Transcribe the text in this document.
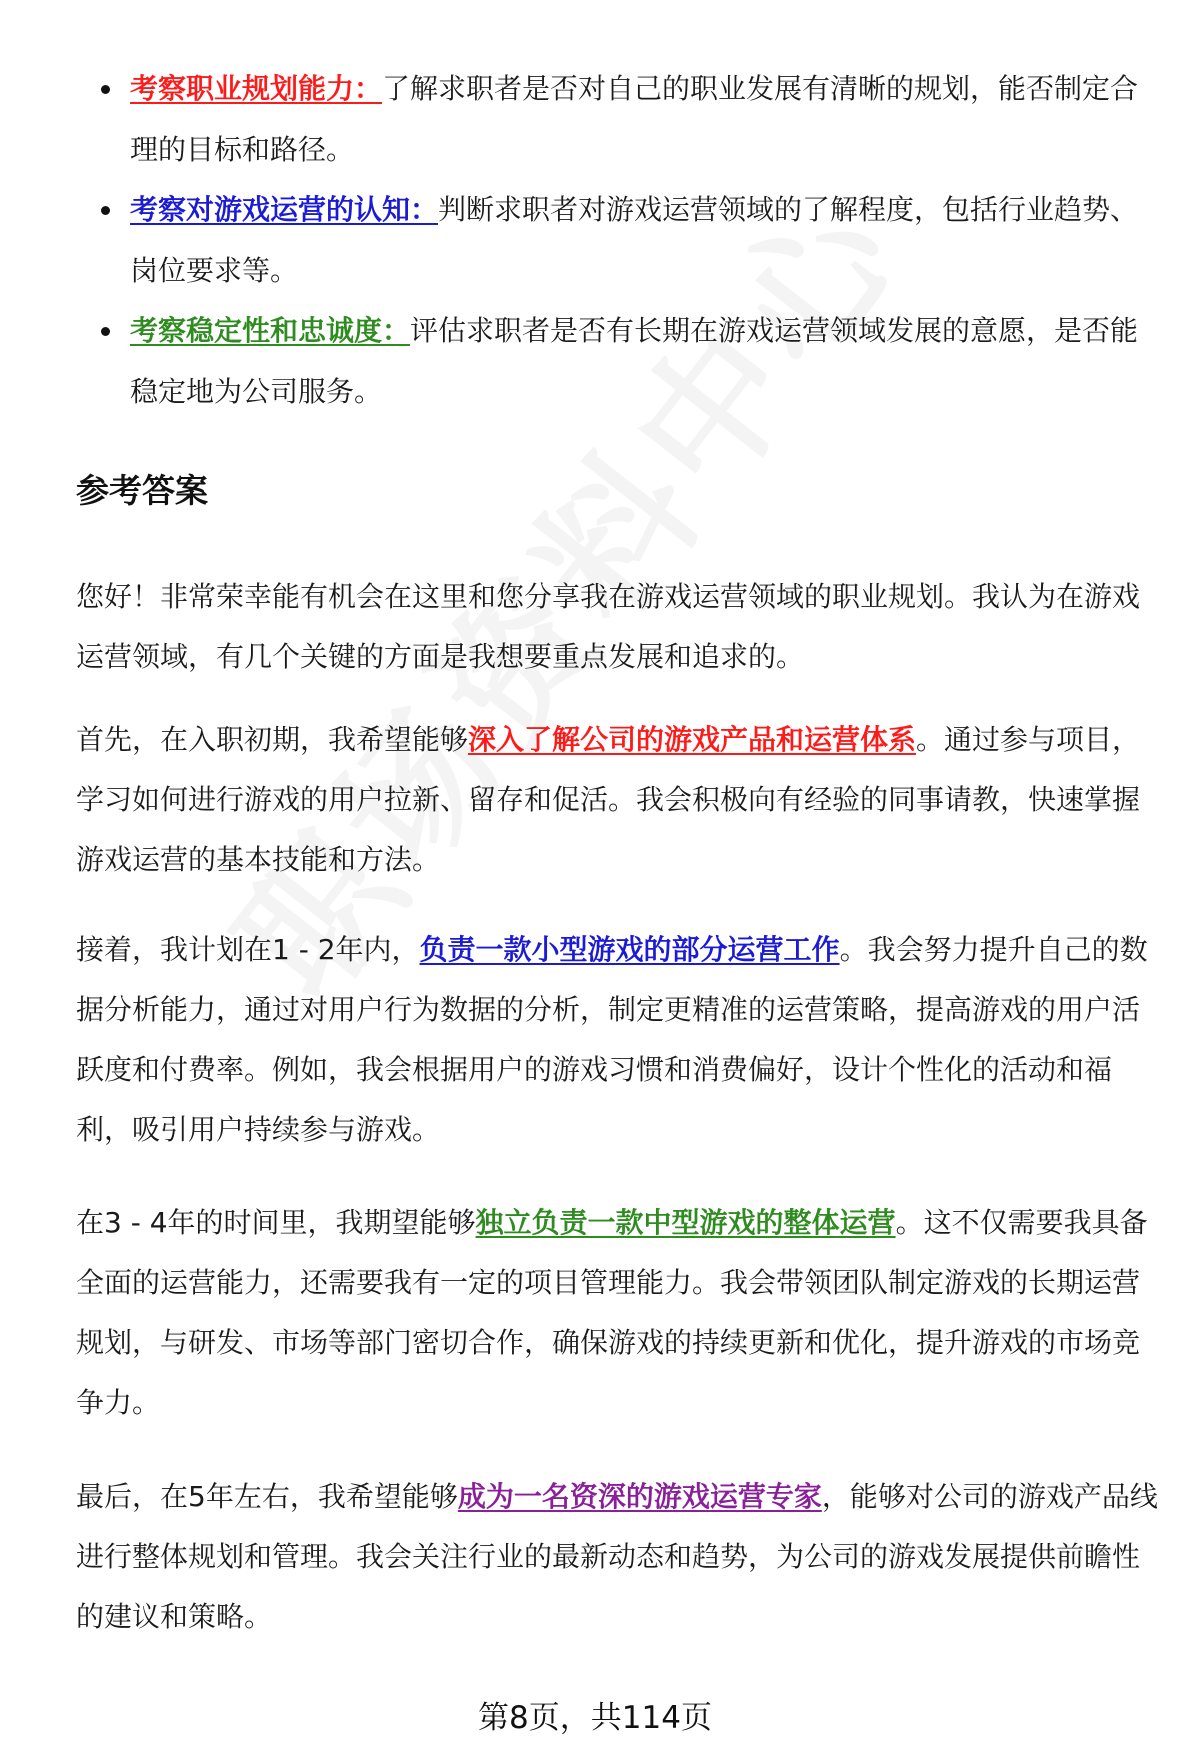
考察职业规划能力：了解求职者是否对自己的职业发展有清晰的规划，能否制定合理的目标和路径。
考察对游戏运营的认知：判断求职者对游戏运营领域的了解程度，包括行业趋势、岗位要求等。
考察稳定性和忠诚度：评估求职者是否有长期在游戏运营领域发展的意愿，是否能稳定地为公司服务。
参考答案

您好！非常荣幸能有机会在这里和您分享我在游戏运营领域的职业规划。我认为在游戏运营领域，有几个关键的方面是我想要重点发展和追求的。

首先，在入职初期，我希望能够深入了解公司的游戏产品和运营体系。通过参与项目，学习如何进行游戏的用户拉新、留存和促活。我会积极向有经验的同事请教，快速掌握游戏运营的基本技能和方法。

接着，我计划在1 - 2年内，负责一款小型游戏的部分运营工作。我会努力提升自己的数据分析能力，通过对用户行为数据的分析，制定更精准的运营策略，提高游戏的用户活跃度和付费率。例如，我会根据用户的游戏习惯和消费偏好，设计个性化的活动和福利，吸引用户持续参与游戏。

在3 - 4年的时间里，我期望能够独立负责一款中型游戏的整体运营。这不仅需要我具备全面的运营能力，还需要我有一定的项目管理能力。我会带领团队制定游戏的长期运营规划，与研发、市场等部门密切合作，确保游戏的持续更新和优化，提升游戏的市场竞争力。

最后，在5年左右，我希望能够成为一名资深的游戏运营专家，能够对公司的游戏产品线进行整体规划和管理。我会关注行业的最新动态和趋势，为公司的游戏发展提供前瞻性的建议和策略。

第8页，共114页
